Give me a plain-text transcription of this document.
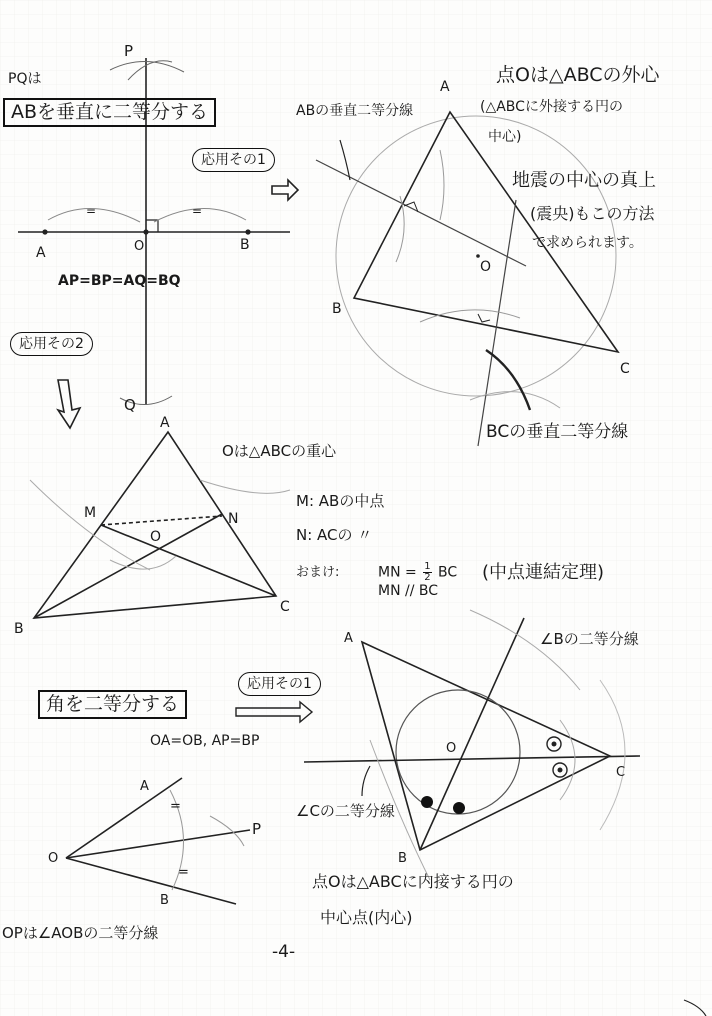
PQは
ABを垂直に二等分する
P
Q
A	B
O
=	=
AP=BP=AQ=BQ
応用その1
応用その2
点Oは△ABCの外心
(△ABCに外接する円の
中心)
地震の中心の真上
(震央)もこの方法
で求められます。
ABの垂直二等分線
BCの垂直二等分線
A
B
C
O
Oは△ABCの重心
M: ABの中点
N: ACの 〃
おまけ:	MN = $\frac{1}{2}$ BC
MN // BC
(中点連結定理)
A
B
C
M	N
O
角を二等分する
応用その1
OA=OB, AP=BP
OPは∠AOBの二等分線
O
A
B
P
=
=
∠Bの二等分線
∠Cの二等分線
点Oは△ABCに内接する円の
中心点(内心)
A
B
C
O
-4-
